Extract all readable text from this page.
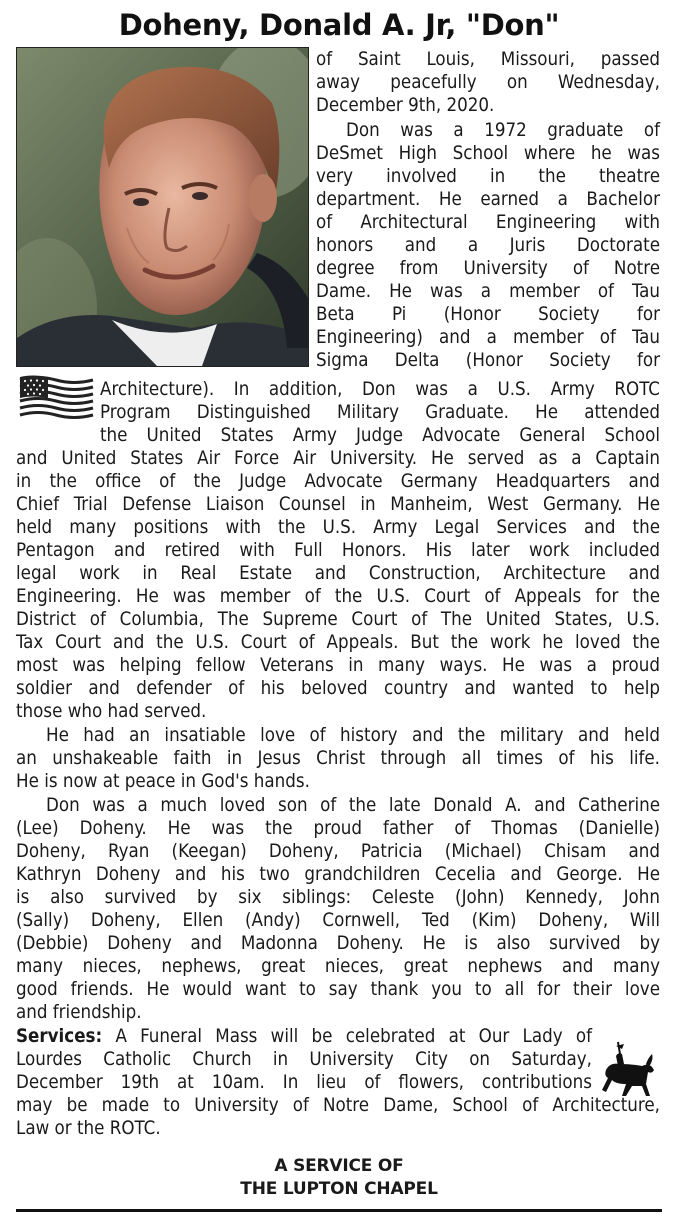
Doheny, Donald A. Jr, "Don"

of Saint Louis, Missouri, passed

away peacefully on Wednesday,

December 9th, 2020.

Don was a 1972 graduate of

DeSmet High School where he was

very involved in the theatre

department. He earned a Bachelor

of Architectural Engineering with

honors and a Juris Doctorate

degree from University of Notre

Dame. He was a member of Tau

Beta Pi (Honor Society for

Engineering) and a member of Tau

Sigma Delta (Honor Society for

Architecture). In addition, Don was a U.S. Army ROTC

Program Distinguished Military Graduate. He attended

the United States Army Judge Advocate General School

and United States Air Force Air University. He served as a Captain

in the office of the Judge Advocate Germany Headquarters and

Chief Trial Defense Liaison Counsel in Manheim, West Germany. He

held many positions with the U.S. Army Legal Services and the

Pentagon and retired with Full Honors. His later work included

legal work in Real Estate and Construction, Architecture and

Engineering. He was member of the U.S. Court of Appeals for the

District of Columbia, The Supreme Court of The United States, U.S.

Tax Court and the U.S. Court of Appeals. But the work he loved the

most was helping fellow Veterans in many ways. He was a proud

soldier and defender of his beloved country and wanted to help

those who had served.

He had an insatiable love of history and the military and held

an unshakeable faith in Jesus Christ through all times of his life.

He is now at peace in God's hands.

Don was a much loved son of the late Donald A. and Catherine

(Lee) Doheny. He was the proud father of Thomas (Danielle)

Doheny, Ryan (Keegan) Doheny, Patricia (Michael) Chisam and

Kathryn Doheny and his two grandchildren Cecelia and George. He

is also survived by six siblings: Celeste (John) Kennedy, John

(Sally) Doheny, Ellen (Andy) Cornwell, Ted (Kim) Doheny, Will

(Debbie) Doheny and Madonna Doheny. He is also survived by

many nieces, nephews, great nieces, great nephews and many

good friends. He would want to say thank you to all for their love

and friendship.

Services: A Funeral Mass will be celebrated at Our Lady of

Lourdes Catholic Church in University City on Saturday,

December 19th at 10am. In lieu of flowers, contributions

may be made to University of Notre Dame, School of Architecture,

Law or the ROTC.

A SERVICE OF
THE LUPTON CHAPEL
